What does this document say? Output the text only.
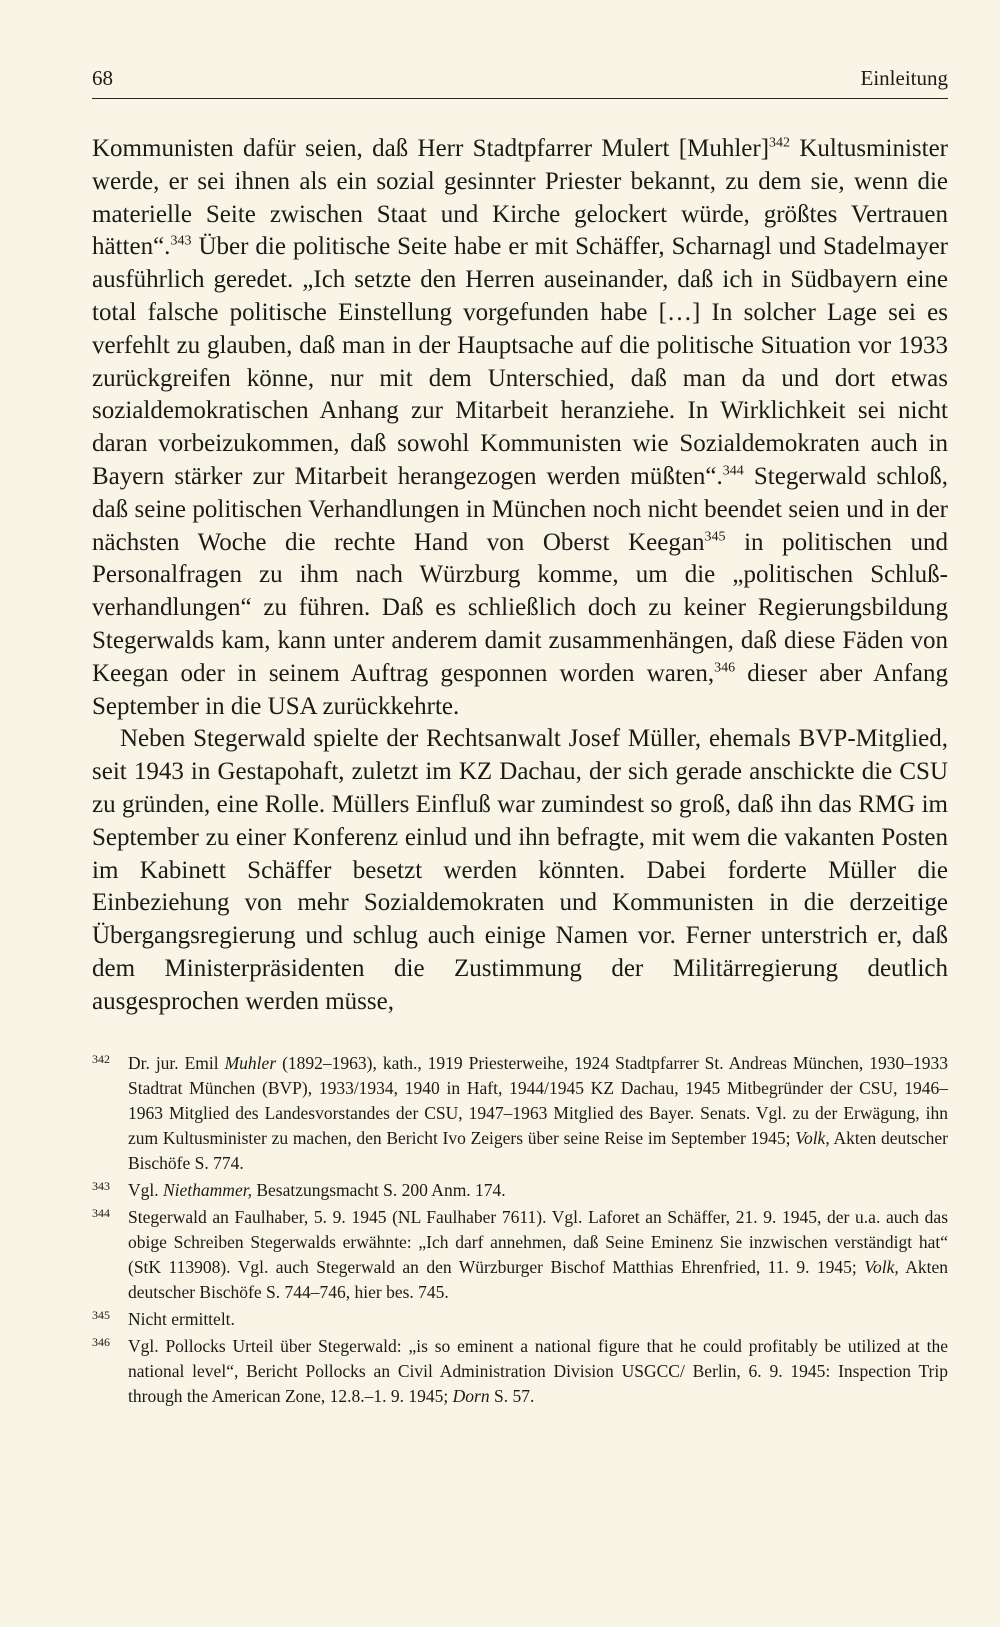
68	Einleitung

Kommunisten dafür seien, daß Herr Stadtpfarrer Mulert [Muhler]$^{342}$ Kultusminister werde, er sei ihnen als ein sozial gesinnter Priester bekannt, zu dem sie, wenn die materielle Seite zwischen Staat und Kirche gelockert würde, größtes Vertrauen hätten“.$^{343}$ Über die politische Seite habe er mit Schäffer, Scharnagl und Stadelmayer ausführlich geredet. „Ich setzte den Herren auseinander, daß ich in Südbayern eine total falsche politische Einstellung vorgefunden habe […] In solcher Lage sei es verfehlt zu glauben, daß man in der Hauptsache auf die politische Situation vor 1933 zurückgreifen könne, nur mit dem Unterschied, daß man da und dort etwas sozialdemokratischen Anhang zur Mitarbeit heranziehe. In Wirklichkeit sei nicht daran vorbeizukommen, daß sowohl Kommunisten wie Sozialdemokraten auch in Bayern stärker zur Mitarbeit herangezogen werden müßten“.$^{344}$ Stegerwald schloß, daß seine politischen Verhandlungen in München noch nicht beendet seien und in der nächsten Woche die rechte Hand von Oberst Keegan$^{345}$ in politischen und Personalfragen zu ihm nach Würzburg komme, um die „politischen Schlußverhandlungen“ zu führen. Daß es schließlich doch zu keiner Regierungsbildung Stegerwalds kam, kann unter anderem damit zusammenhängen, daß diese Fäden von Keegan oder in seinem Auftrag gesponnen worden waren,$^{346}$ dieser aber Anfang September in die USA zurückkehrte.

Neben Stegerwald spielte der Rechtsanwalt Josef Müller, ehemals BVP-Mitglied, seit 1943 in Gestapohaft, zuletzt im KZ Dachau, der sich gerade anschickte die CSU zu gründen, eine Rolle. Müllers Einfluß war zumindest so groß, daß ihn das RMG im September zu einer Konferenz einlud und ihn befragte, mit wem die vakanten Posten im Kabinett Schäffer besetzt werden könnten. Dabei forderte Müller die Einbeziehung von mehr Sozialdemokraten und Kommunisten in die derzeitige Übergangsregierung und schlug auch einige Namen vor. Ferner unterstrich er, daß dem Ministerpräsidenten die Zustimmung der Militärregierung deutlich ausgesprochen werden müsse,

342 Dr. jur. Emil Muhler (1892–1963), kath., 1919 Priesterweihe, 1924 Stadtpfarrer St. Andreas München, 1930–1933 Stadtrat München (BVP), 1933/1934, 1940 in Haft, 1944/1945 KZ Dachau, 1945 Mitbegründer der CSU, 1946–1963 Mitglied des Landesvorstandes der CSU, 1947–1963 Mitglied des Bayer. Senats. Vgl. zu der Erwägung, ihn zum Kultusminister zu machen, den Bericht Ivo Zeigers über seine Reise im September 1945; Volk, Akten deutscher Bischöfe S. 774.

343 Vgl. Niethammer, Besatzungsmacht S. 200 Anm. 174.

344 Stegerwald an Faulhaber, 5. 9. 1945 (NL Faulhaber 7611). Vgl. Laforet an Schäffer, 21. 9. 1945, der u.a. auch das obige Schreiben Stegerwalds erwähnte: „Ich darf annehmen, daß Seine Eminenz Sie inzwischen verständigt hat“ (StK 113908). Vgl. auch Stegerwald an den Würzburger Bischof Matthias Ehrenfried, 11. 9. 1945; Volk, Akten deutscher Bischöfe S. 744–746, hier bes. 745.

345 Nicht ermittelt.

346 Vgl. Pollocks Urteil über Stegerwald: „is so eminent a national figure that he could profitably be utilized at the national level“, Bericht Pollocks an Civil Administration Division USGCC/ Berlin, 6. 9. 1945: Inspection Trip through the American Zone, 12.8.–1. 9. 1945; Dorn S. 57.
